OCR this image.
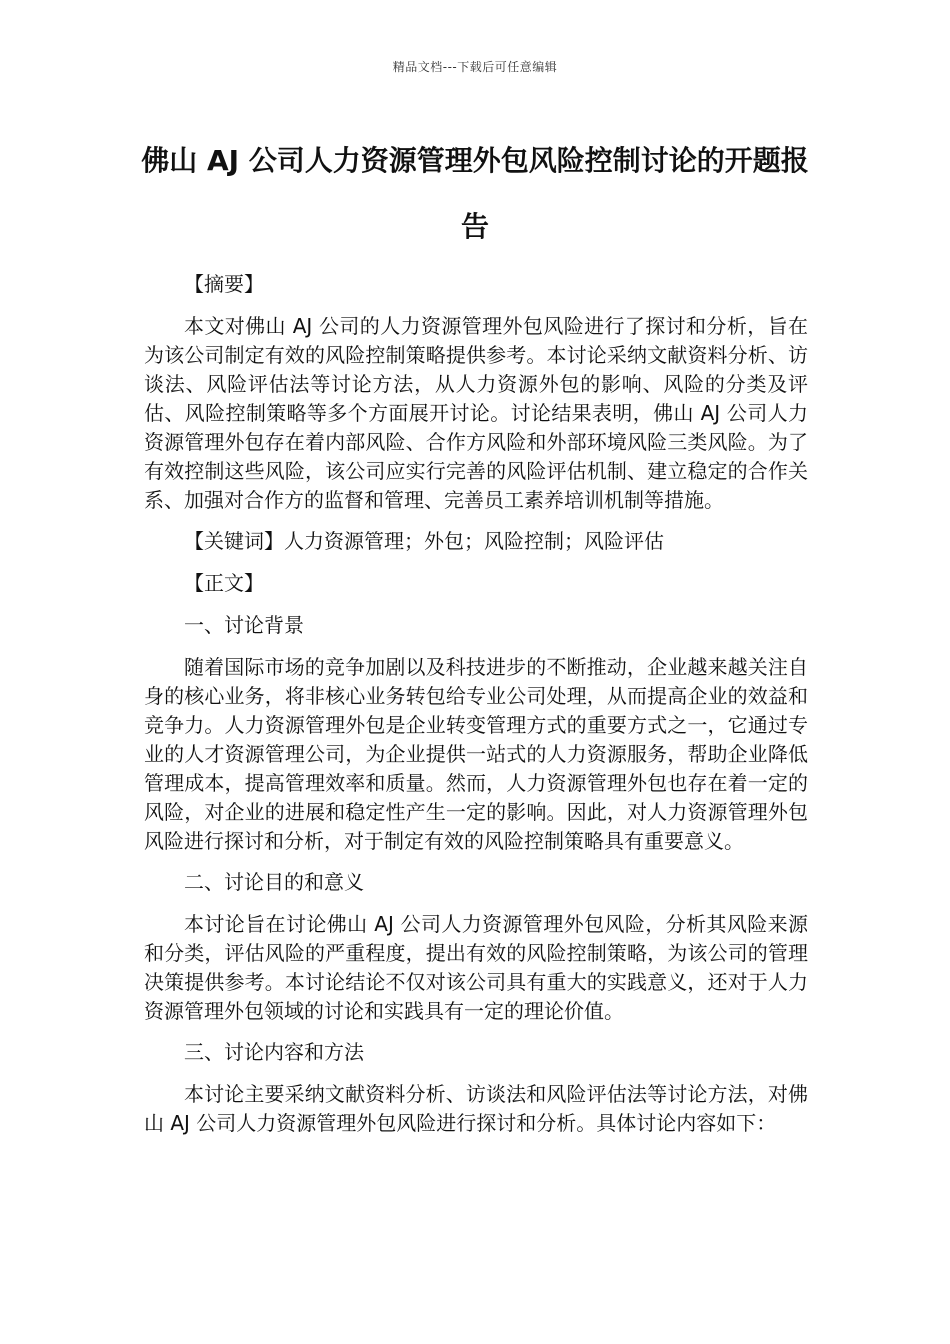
精品文档---下载后可任意编辑
佛山 AJ 公司人力资源管理外包风险控制讨论的开题报告

【摘要】

本文对佛山 AJ 公司的人力资源管理外包风险进行了探讨和分析，旨在为该公司制定有效的风险控制策略提供参考。本讨论采纳文献资料分析、访谈法、风险评估法等讨论方法，从人力资源外包的影响、风险的分类及评估、风险控制策略等多个方面展开讨论。讨论结果表明，佛山 AJ 公司人力资源管理外包存在着内部风险、合作方风险和外部环境风险三类风险。为了有效控制这些风险，该公司应实行完善的风险评估机制、建立稳定的合作关系、加强对合作方的监督和管理、完善员工素养培训机制等措施。

【关键词】人力资源管理；外包；风险控制；风险评估

【正文】

一、讨论背景

随着国际市场的竞争加剧以及科技进步的不断推动，企业越来越关注自身的核心业务，将非核心业务转包给专业公司处理，从而提高企业的效益和竞争力。人力资源管理外包是企业转变管理方式的重要方式之一，它通过专业的人才资源管理公司，为企业提供一站式的人力资源服务，帮助企业降低管理成本，提高管理效率和质量。然而，人力资源管理外包也存在着一定的风险，对企业的进展和稳定性产生一定的影响。因此，对人力资源管理外包风险进行探讨和分析，对于制定有效的风险控制策略具有重要意义。

二、讨论目的和意义

本讨论旨在讨论佛山 AJ 公司人力资源管理外包风险，分析其风险来源和分类，评估风险的严重程度，提出有效的风险控制策略，为该公司的管理决策提供参考。本讨论结论不仅对该公司具有重大的实践意义，还对于人力资源管理外包领域的讨论和实践具有一定的理论价值。

三、讨论内容和方法

本讨论主要采纳文献资料分析、访谈法和风险评估法等讨论方法，对佛山 AJ 公司人力资源管理外包风险进行探讨和分析。具体讨论内容如下：
